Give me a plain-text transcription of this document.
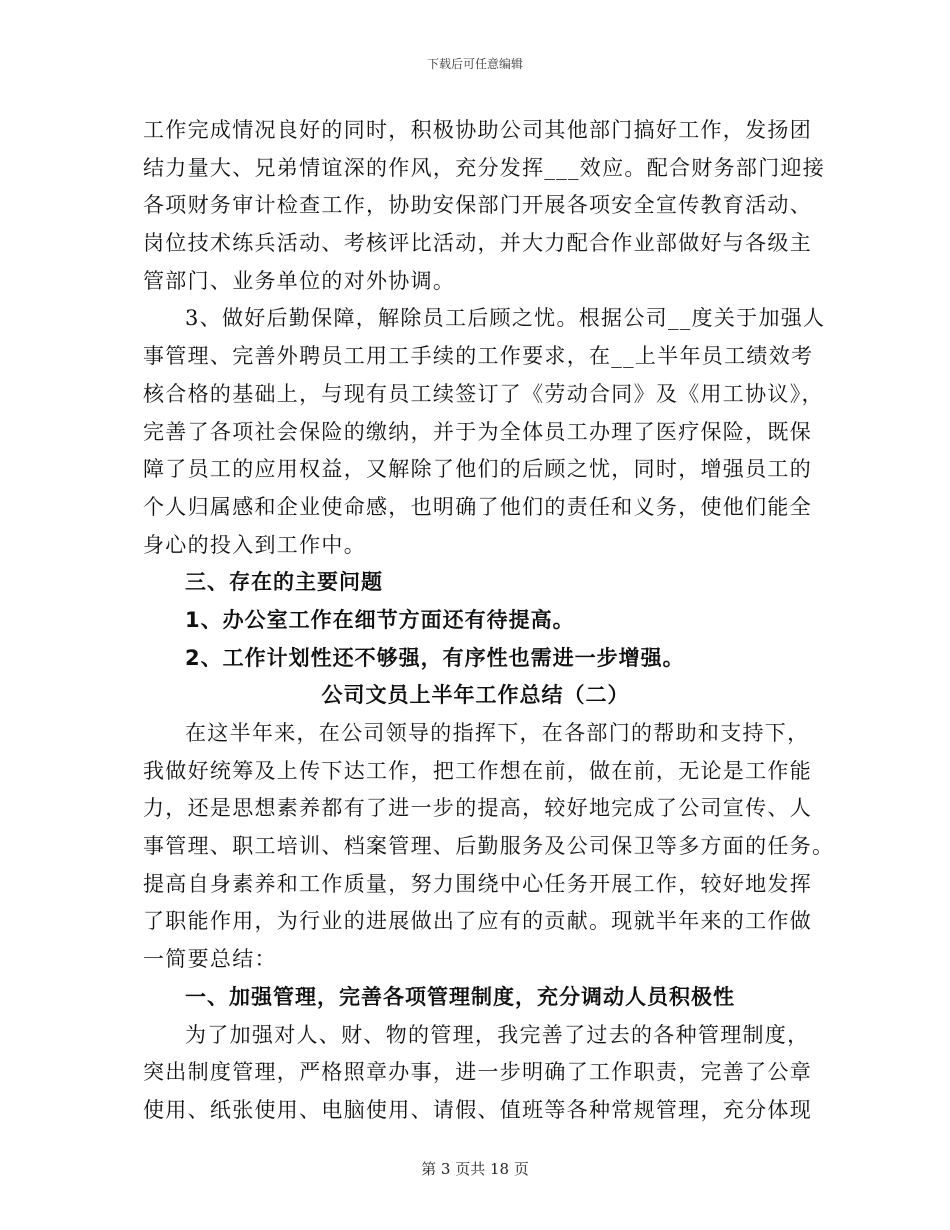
下载后可任意编辑
工作完成情况良好的同时，积极协助公司其他部门搞好工作，发扬团
结力量大、兄弟情谊深的作风，充分发挥___效应。配合财务部门迎接
各项财务审计检查工作，协助安保部门开展各项安全宣传教育活动、
岗位技术练兵活动、考核评比活动，并大力配合作业部做好与各级主
管部门、业务单位的对外协调。
3、做好后勤保障，解除员工后顾之忧。根据公司__度关于加强人
事管理、完善外聘员工用工手续的工作要求，在__上半年员工绩效考
核合格的基础上，与现有员工续签订了《劳动合同》及《用工协议》，
完善了各项社会保险的缴纳，并于为全体员工办理了医疗保险，既保
障了员工的应用权益，又解除了他们的后顾之忧，同时，增强员工的
个人归属感和企业使命感，也明确了他们的责任和义务，使他们能全
身心的投入到工作中。
三、存在的主要问题
1、办公室工作在细节方面还有待提高。
2、工作计划性还不够强，有序性也需进一步增强。
公司文员上半年工作总结（二）
在这半年来，在公司领导的指挥下，在各部门的帮助和支持下，
我做好统筹及上传下达工作，把工作想在前，做在前，无论是工作能
力，还是思想素养都有了进一步的提高，较好地完成了公司宣传、人
事管理、职工培训、档案管理、后勤服务及公司保卫等多方面的任务。
提高自身素养和工作质量，努力围绕中心任务开展工作，较好地发挥
了职能作用，为行业的进展做出了应有的贡献。现就半年来的工作做
一简要总结：
一、加强管理，完善各项管理制度，充分调动人员积极性
为了加强对人、财、物的管理，我完善了过去的各种管理制度，
突出制度管理，严格照章办事，进一步明确了工作职责，完善了公章
使用、纸张使用、电脑使用、请假、值班等各种常规管理，充分体现
第 3 页共 18 页
